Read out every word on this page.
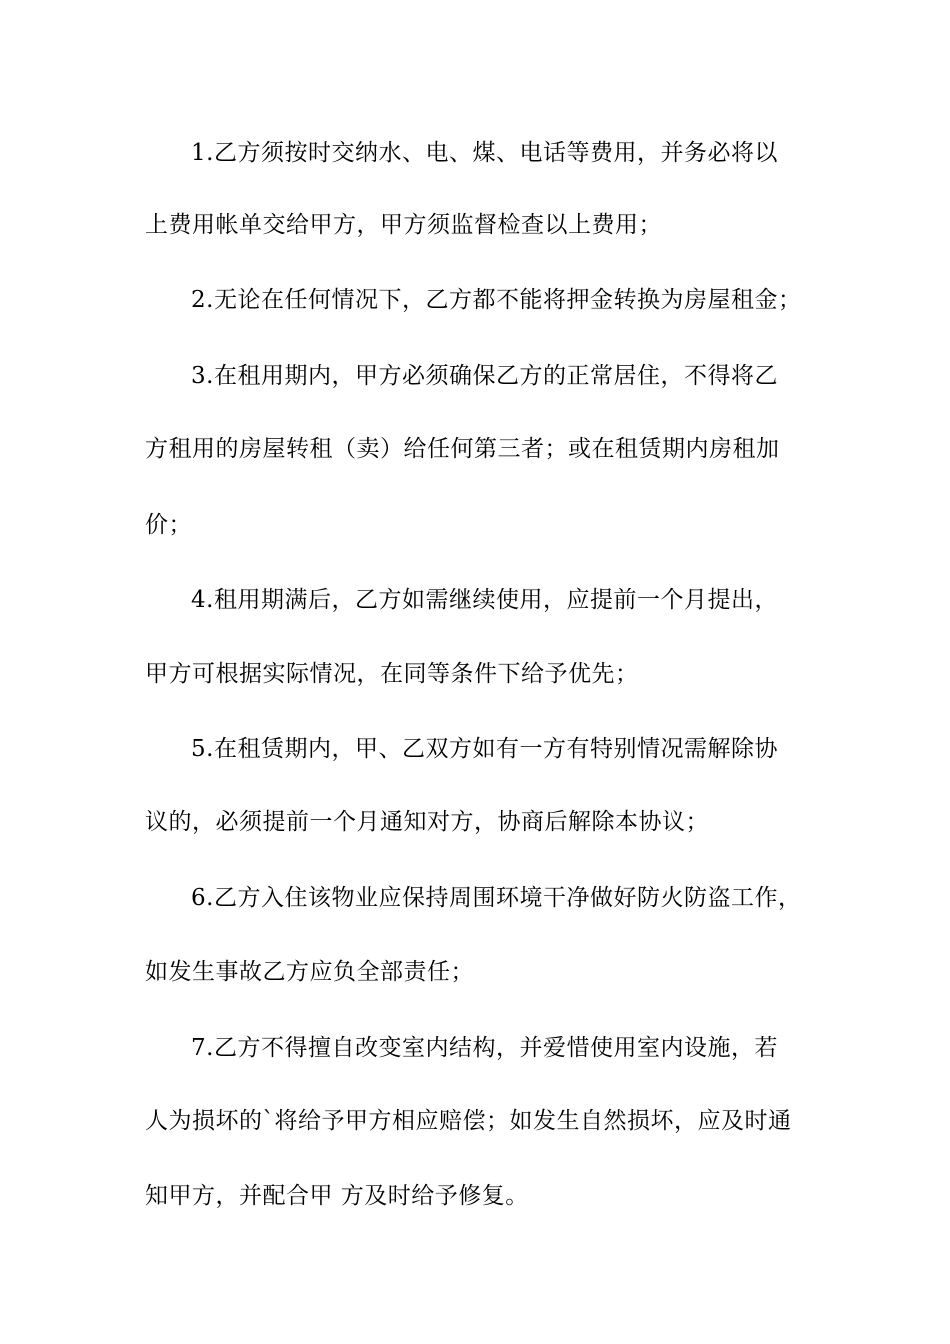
1.乙方须按时交纳水、电、煤、电话等费用，并务必将以
上费用帐单交给甲方，甲方须监督检查以上费用；
2.无论在任何情况下，乙方都不能将押金转换为房屋租金；
3.在租用期内，甲方必须确保乙方的正常居住，不得将乙
方租用的房屋转租（卖）给任何第三者；或在租赁期内房租加
价；
4.租用期满后，乙方如需继续使用，应提前一个月提出，
甲方可根据实际情况，在同等条件下给予优先；
5.在租赁期内，甲、乙双方如有一方有特别情况需解除协
议的，必须提前一个月通知对方，协商后解除本协议；
6.乙方入住该物业应保持周围环境干净做好防火防盗工作，
如发生事故乙方应负全部责任；
7.乙方不得擅自改变室内结构，并爱惜使用室内设施，若
人为损坏的`将给予甲方相应赔偿；如发生自然损坏，应及时通
知甲方，并配合甲 方及时给予修复。
